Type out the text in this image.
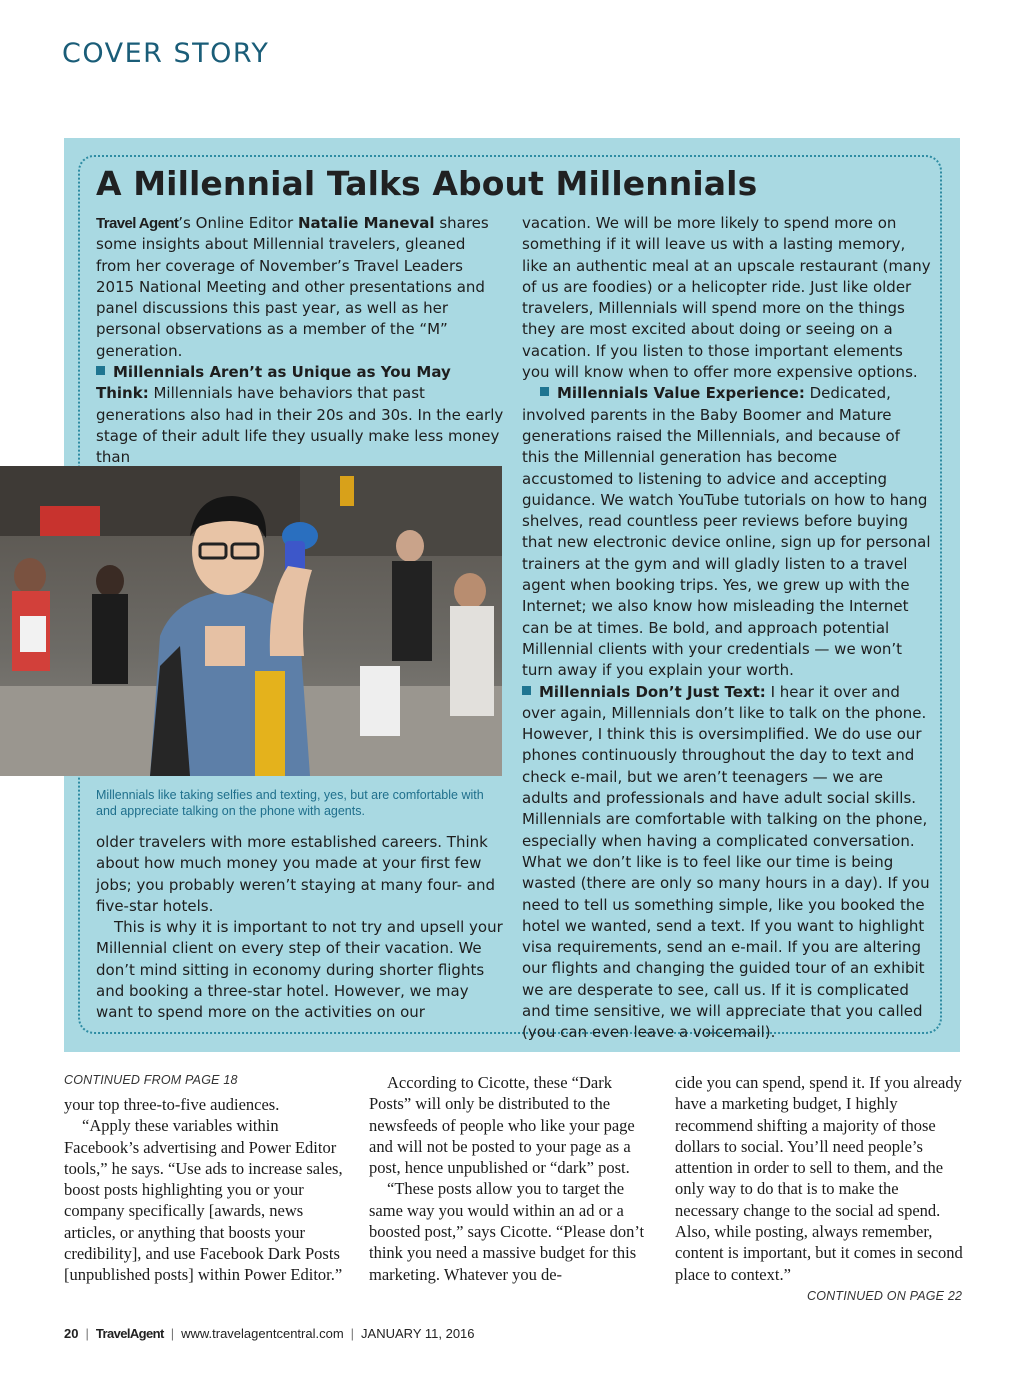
COVER STORY
A Millennial Talks About Millennials

Travel Agent’s Online Editor Natalie Maneval shares some insights about Millennial travelers, gleaned from her coverage of November’s Travel Leaders 2015 National Meeting and other presentations and panel discussions this past year, as well as her personal observations as a member of the “M” generation.

Millennials Aren’t as Unique as You May Think: Millennials have behaviors that past generations also had in their 20s and 30s. In the early stage of their adult life they usually make less money than

Millennials like taking selfies and texting, yes, but are comfortable with and appreciate talking on the phone with agents.

older travelers with more established careers. Think about how much money you made at your first few jobs; you probably weren’t staying at many four- and five-star hotels.

This is why it is important to not try and upsell your Millennial client on every step of their vacation. We don’t mind sitting in economy during shorter flights and booking a three-star hotel. However, we may want to spend more on the activities on our

vacation. We will be more likely to spend more on something if it will leave us with a lasting memory, like an authentic meal at an upscale restaurant (many of us are foodies) or a helicopter ride. Just like older travelers, Millennials will spend more on the things they are most excited about doing or seeing on a vacation. If you listen to those important elements you will know when to offer more expensive options.

Millennials Value Experience: Dedicated, involved parents in the Baby Boomer and Mature generations raised the Millennials, and because of this the Millennial generation has become accustomed to listening to advice and accepting guidance. We watch YouTube tutorials on how to hang shelves, read countless peer reviews before buying that new electronic device online, sign up for personal trainers at the gym and will gladly listen to a travel agent when booking trips. Yes, we grew up with the Internet; we also know how misleading the Internet can be at times. Be bold, and approach potential Millennial clients with your credentials — we won’t turn away if you explain your worth.

Millennials Don’t Just Text: I hear it over and over again, Millennials don’t like to talk on the phone. However, I think this is oversimplified. We do use our phones continuously throughout the day to text and check e-mail, but we aren’t teenagers — we are adults and professionals and have adult social skills. Millennials are comfortable with talking on the phone, especially when having a complicated conversation. What we don’t like is to feel like our time is being wasted (there are only so many hours in a day). If you need to tell us something simple, like you booked the hotel we wanted, send a text. If you want to highlight visa requirements, send an e-mail. If you are altering our flights and changing the guided tour of an exhibit we are desperate to see, call us. If it is complicated and time sensitive, we will appreciate that you called (you can even leave a voicemail).

CONTINUED FROM PAGE 18

your top three-to-five audiences.

“Apply these variables within Facebook’s advertising and Power Editor tools,” he says. “Use ads to increase sales, boost posts highlighting you or your company specifically [awards, news articles, or anything that boosts your credibility], and use Facebook Dark Posts [unpublished posts] within Power Editor.”

According to Cicotte, these “Dark Posts” will only be distributed to the newsfeeds of people who like your page and will not be posted to your page as a post, hence unpublished or “dark” post.

“These posts allow you to target the same way you would within an ad or a boosted post,” says Cicotte. “Please don’t think you need a massive budget for this marketing. Whatever you de-

cide you can spend, spend it. If you already have a marketing budget, I highly recommend shifting a majority of those dollars to social. You’ll need people’s attention in order to sell to them, and the only way to do that is to make the necessary change to the social ad spend. Also, while posting, always remember, content is important, but it comes in second place to context.”

CONTINUED ON PAGE 22
20 | TravelAgent | www.travelagentcentral.com | JANUARY 11, 2016
